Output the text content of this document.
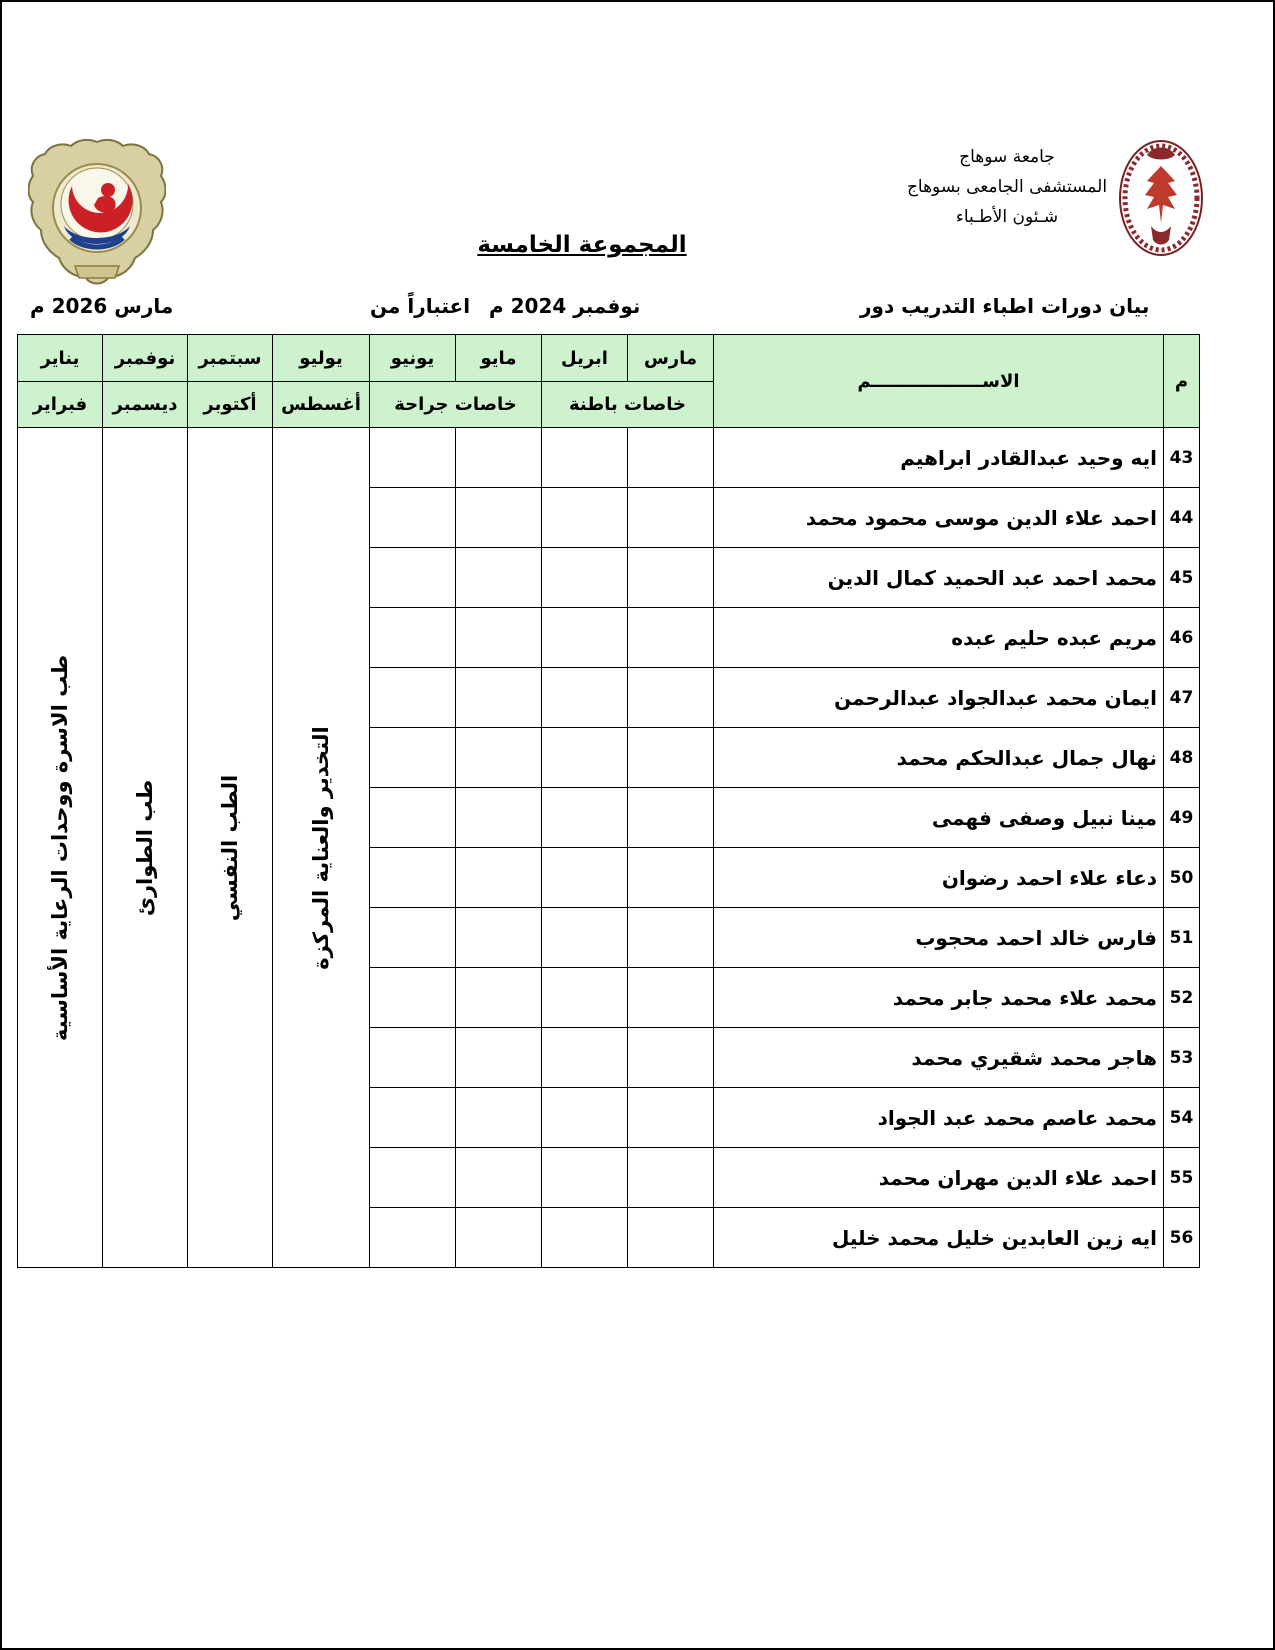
جامعة سوهاج
المستشفى الجامعى بسوهاج
شـئون الأطـباء
المجموعة الخامسة
بيان دورات اطباء التدريب دور
نوفمبر 2024 م
اعتباراً من
مارس 2026 م
م	الاســــــــــــــــــم	مارس	ابريل	مايو	يونيو	يوليو	سبتمبر	نوفمبر	يناير
		خاصات باطنة		خاصات جراحة		أغسطس	أكتوبر	ديسمبر	فبراير
43	ايه وحيد عبدالقادر ابراهيم					التخدير والعناية المركزة	الطب النفسي	طب الطوارئ	طب الاسرة ووحدات الرعاية الأساسية

44	احمد علاء الدين موسى محمود محمد								
45	محمد احمد عبد الحميد كمال الدين								
46	مريم عبده حليم عبده								
47	ايمان محمد عبدالجواد عبدالرحمن								
48	نهال جمال عبدالحكم محمد								
49	مينا نبيل وصفى فهمى								
50	دعاء علاء احمد رضوان								
51	فارس خالد احمد محجوب								
52	محمد علاء محمد جابر محمد								
53	هاجر محمد شقيري محمد								
54	محمد عاصم محمد عبد الجواد								
55	احمد علاء الدين مهران محمد								
56	ايه زين العابدين خليل محمد خليل								
